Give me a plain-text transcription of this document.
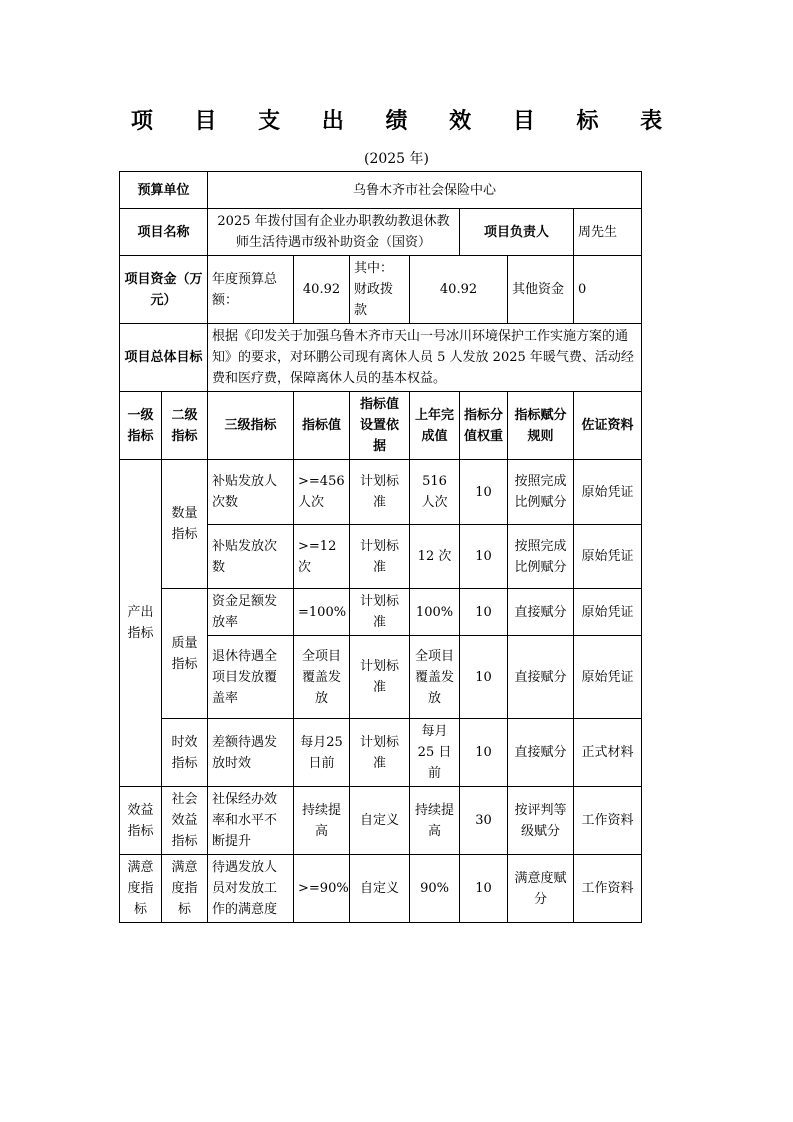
项 目 支 出 绩 效 目 标 表
(2025 年)
预算单位		乌鲁木齐市社会保险中心						
项目名称		2025 年拨付国有企业办职教幼教退休教师生活待遇市级补助资金（国资）				项目负责人		周先生
项目资金（万元）		年度预算总额：	40.92	其中：财政拨款	40.92		其他资金	0
项目总体目标		根据《印发关于加强乌鲁木齐市天山一号冰川环境保护工作实施方案的通知》的要求，对环鹏公司现有离休人员 5 人发放 2025 年暖气费、活动经费和医疗费，保障离休人员的基本权益。						
一级指标	二级指标	三级指标	指标值	指标值设置依据	上年完成值	指标分值权重	指标赋分规则	佐证资料
产出指标	数量指标	补贴发放人次数	>=456人次	计划标准	516 人次	10	按照完成比例赋分	原始凭证
		补贴发放次数	>=12次	计划标准	12 次	10	按照完成比例赋分	原始凭证
	质量指标	资金足额发放率	=100%	计划标准	100%	10	直接赋分	原始凭证
		退休待遇全项目发放覆盖率	全项目覆盖发放	计划标准	全项目覆盖发放	10	直接赋分	原始凭证
	时效指标	差额待遇发放时效	每月25 日前	计划标准	每月25 日前	10	直接赋分	正式材料
效益指标	社会效益指标	社保经办效率和水平不断提升	持续提高	自定义	持续提高	30	按评判等级赋分	工作资料
满意度指标	满意度指标	待遇发放人员对发放工作的满意度	>=90%	自定义	90%	10	满意度赋分	工作资料
